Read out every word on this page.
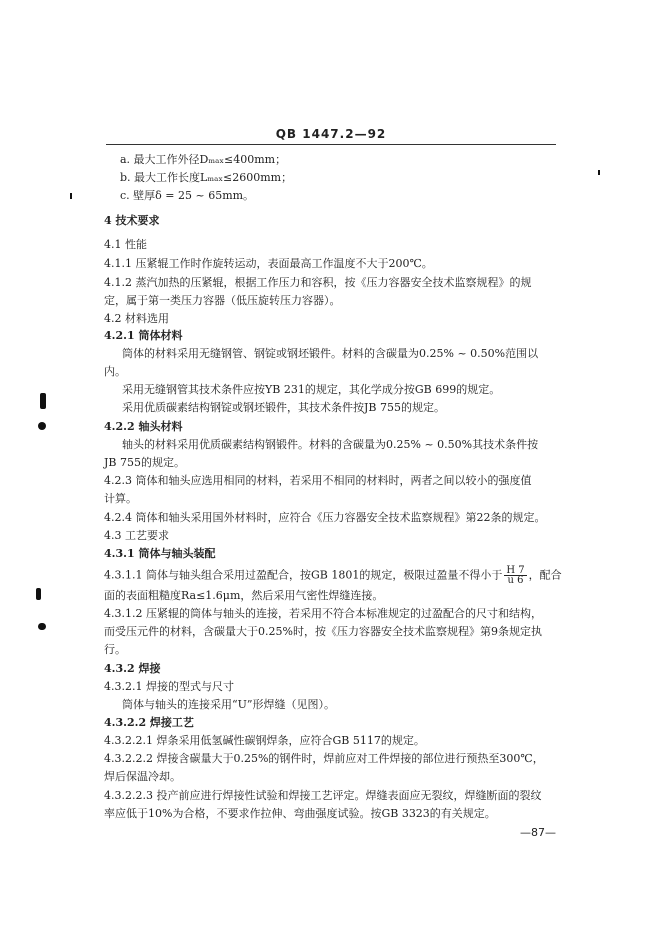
QB 1447.2—92
a. 最大工作外径Dₘₐₓ≤400mm；
b. 最大工作长度Lₘₐₓ≤2600mm；
c. 壁厚δ = 25 ~ 65mm。
4 技术要求
4.1 性能
4.1.1 压紧辊工作时作旋转运动，表面最高工作温度不大于200℃。
4.1.2 蒸汽加热的压紧辊，根据工作压力和容积，按《压力容器安全技术监察规程》的规
定，属于第一类压力容器（低压旋转压力容器）。
4.2 材料选用
4.2.1 筒体材料
筒体的材料采用无缝钢管、钢锭或钢坯锻件。材料的含碳量为0.25% ~ 0.50%范围以
内。
采用无缝钢管其技术条件应按YB 231的规定，其化学成分按GB 699的规定。
采用优质碳素结构钢锭或钢坯锻件，其技术条件按JB 755的规定。
4.2.2 轴头材料
轴头的材料采用优质碳素结构钢锻件。材料的含碳量为0.25% ~ 0.50%其技术条件按
JB 755的规定。
4.2.3 筒体和轴头应选用相同的材料，若采用不相同的材料时，两者之间以较小的强度值
计算。
4.2.4 筒体和轴头采用国外材料时，应符合《压力容器安全技术监察规程》第22条的规定。
4.3 工艺要求
4.3.1 筒体与轴头装配
4.3.1.1 筒体与轴头组合采用过盈配合，按GB 1801的规定，极限过盈量不得小于 $\frac{H 7}{u 6}$ ，配合
面的表面粗糙度Ra≤1.6μm，然后采用气密性焊缝连接。
4.3.1.2 压紧辊的筒体与轴头的连接，若采用不符合本标准规定的过盈配合的尺寸和结构，
而受压元件的材料，含碳量大于0.25%时，按《压力容器安全技术监察规程》第9条规定执
行。
4.3.2 焊接
4.3.2.1 焊接的型式与尺寸
筒体与轴头的连接采用“U”形焊缝（见图）。
4.3.2.2 焊接工艺
4.3.2.2.1 焊条采用低氢碱性碳钢焊条，应符合GB 5117的规定。
4.3.2.2.2 焊接含碳量大于0.25%的钢件时，焊前应对工件焊接的部位进行预热至300℃，
焊后保温冷却。
4.3.2.2.3 投产前应进行焊接性试验和焊接工艺评定。焊缝表面应无裂纹，焊缝断面的裂纹
率应低于10%为合格，不要求作拉伸、弯曲强度试验。按GB 3323的有关规定。
—87—
